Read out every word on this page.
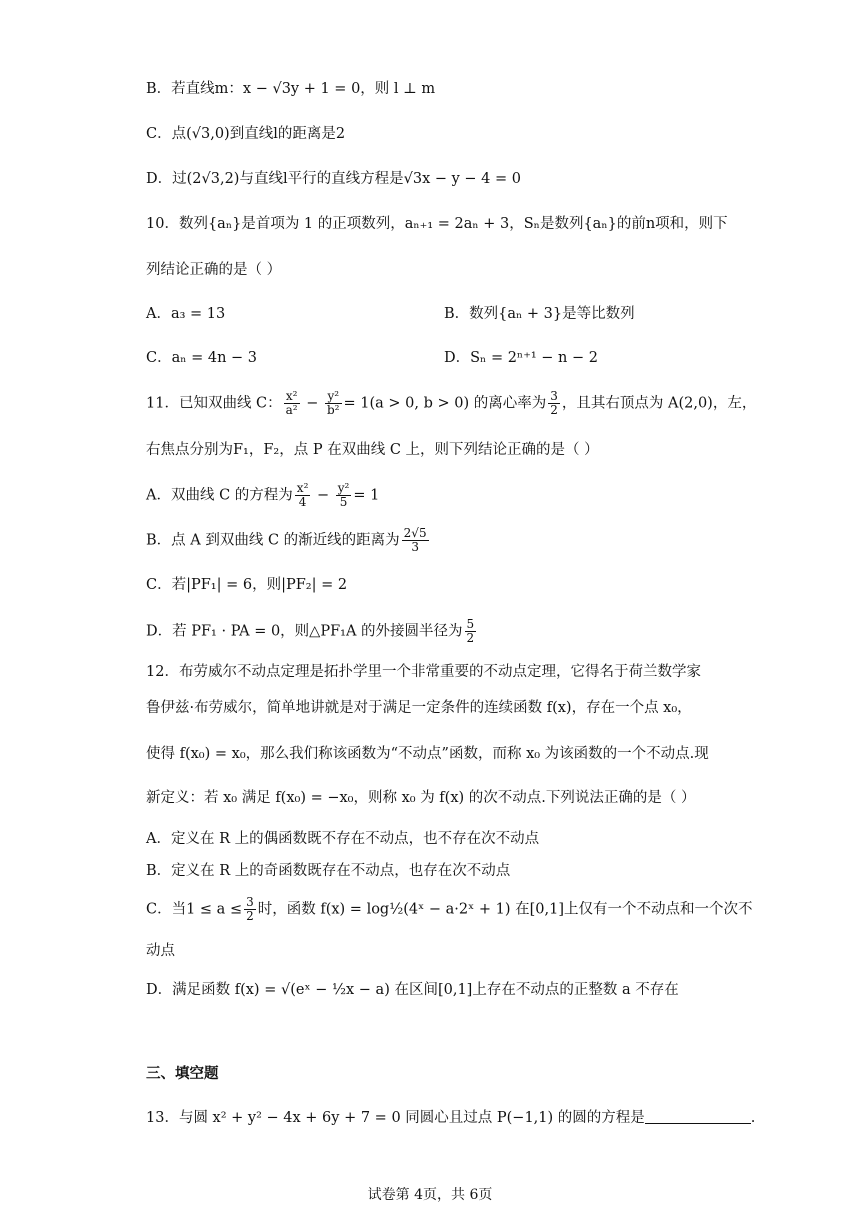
B．若直线m：x − √3y + 1 = 0，则 l ⊥ m
C．点(√3,0)到直线l的距离是2
D．过(2√3,2)与直线l平行的直线方程是√3x − y − 4 = 0
10．数列{aₙ}是首项为 1 的正项数列，aₙ₊₁ = 2aₙ + 3，Sₙ是数列{aₙ}的前n项和，则下
列结论正确的是（ ）
A．a₃ = 13	B．数列{aₙ + 3}是等比数列
C．aₙ = 4n − 3	D．Sₙ = 2ⁿ⁺¹ − n − 2
11．已知双曲线 C： $\frac{\text{x²}}{\text{a²}} - \frac{\text{y²}}{\text{b²}} = 1(a > 0$, b > 0) 的离心率为 $\frac{3}{2}$ ，且其右顶点为 A(2,0)，左，
右焦点分别为F₁，F₂，点 P 在双曲线 C 上，则下列结论正确的是（ ）
A．双曲线 C 的方程为 $\frac{\text{x²}}{4} - \frac{\text{y²}}{5} = 1$
B．点 A 到双曲线 C 的渐近线的距离为 $\frac{2√5}{3}$
C．若|PF₁| = 6，则|PF₂| = 2
D．若 PF₁ · PA = 0，则△PF₁A 的外接圆半径为 $\frac{5}{2}$
12．布劳威尔不动点定理是拓扑学里一个非常重要的不动点定理，它得名于荷兰数学家
鲁伊兹·布劳威尔，简单地讲就是对于满足一定条件的连续函数 f(x)，存在一个点 x₀，
使得 f(x₀) = x₀，那么我们称该函数为“不动点”函数，而称 x₀ 为该函数的一个不动点.现
新定义：若 x₀ 满足 f(x₀) = −x₀，则称 x₀ 为 f(x) 的次不动点.下列说法正确的是（ ）
A．定义在 R 上的偶函数既不存在不动点，也不存在次不动点
B．定义在 R 上的奇函数既存在不动点，也存在次不动点
C．当$1 \le a \le \frac{3}{2}$ 时，函数 f(x) = log½(4ˣ − a·2ˣ + 1) 在[0,1]上仅有一个不动点和一个次不
动点
D．满足函数 f(x) = √(eˣ − ½x − a) 在区间[0,1]上存在不动点的正整数 a 不存在
三、填空题
13．与圆 x² + y² − 4x + 6y + 7 = 0 同圆心且过点 P(−1,1) 的圆的方程是	.
试卷第 4页，共 6页
